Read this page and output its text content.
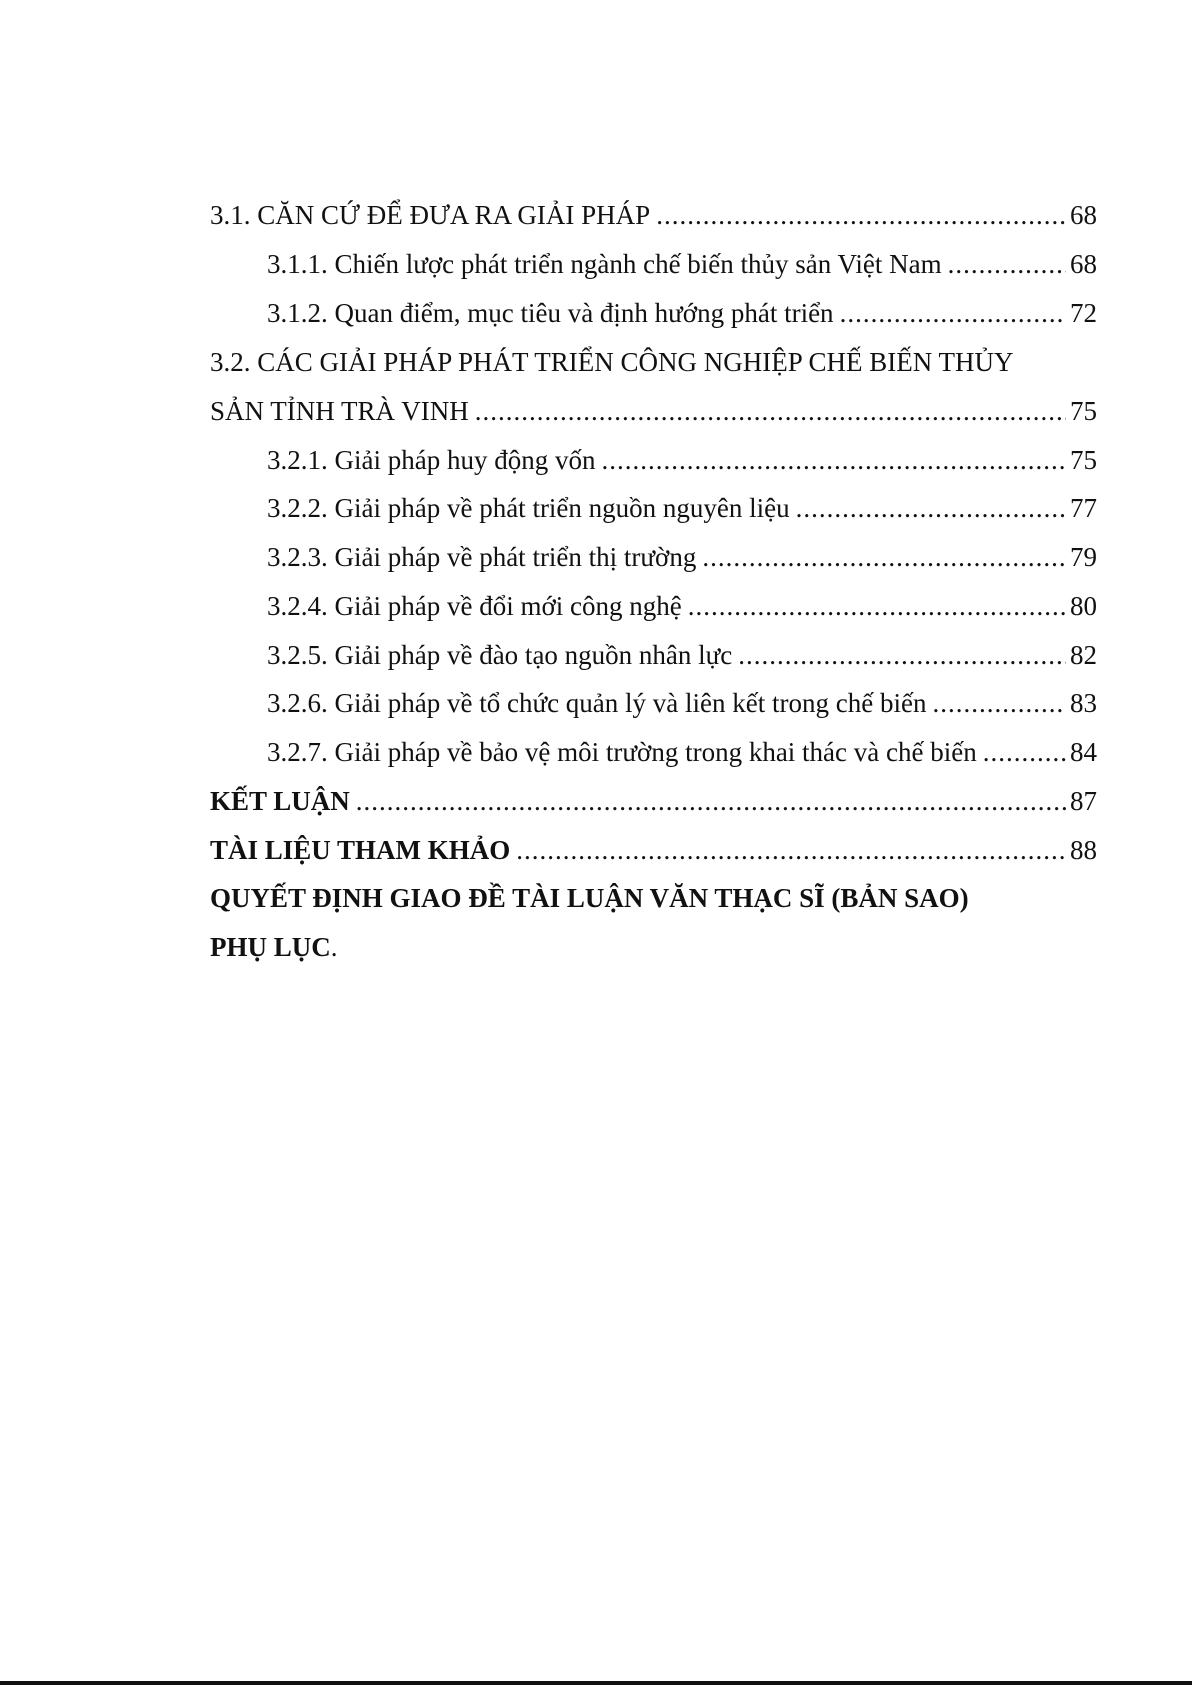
3.1. CĂN CỨ ĐỂ ĐƯA RA GIẢI PHÁP .....	68
3.1.1. Chiến lược phát triển ngành chế biến thủy sản Việt Nam .....	68
3.1.2. Quan điểm, mục tiêu và định hướng phát triển .....	72
3.2. CÁC GIẢI PHÁP PHÁT TRIỂN CÔNG NGHIỆP CHẾ BIẾN THỦY
SẢN TỈNH TRÀ VINH .....	75
3.2.1. Giải pháp huy động vốn .....	75
3.2.2. Giải pháp về phát triển nguồn nguyên liệu .....	77
3.2.3. Giải pháp về phát triển thị trường .....	79
3.2.4. Giải pháp về đổi mới công nghệ .....	80
3.2.5. Giải pháp về đào tạo nguồn nhân lực .....	82
3.2.6. Giải pháp về tổ chức quản lý và liên kết trong chế biến .....	83
3.2.7. Giải pháp về bảo vệ môi trường trong khai thác và chế biến .....	84
KẾT LUẬN .....	87
TÀI LIỆU THAM KHẢO .....	88
QUYẾT ĐỊNH GIAO ĐỀ TÀI LUẬN VĂN THẠC SĨ (BẢN SAO)
PHỤ LỤC.
